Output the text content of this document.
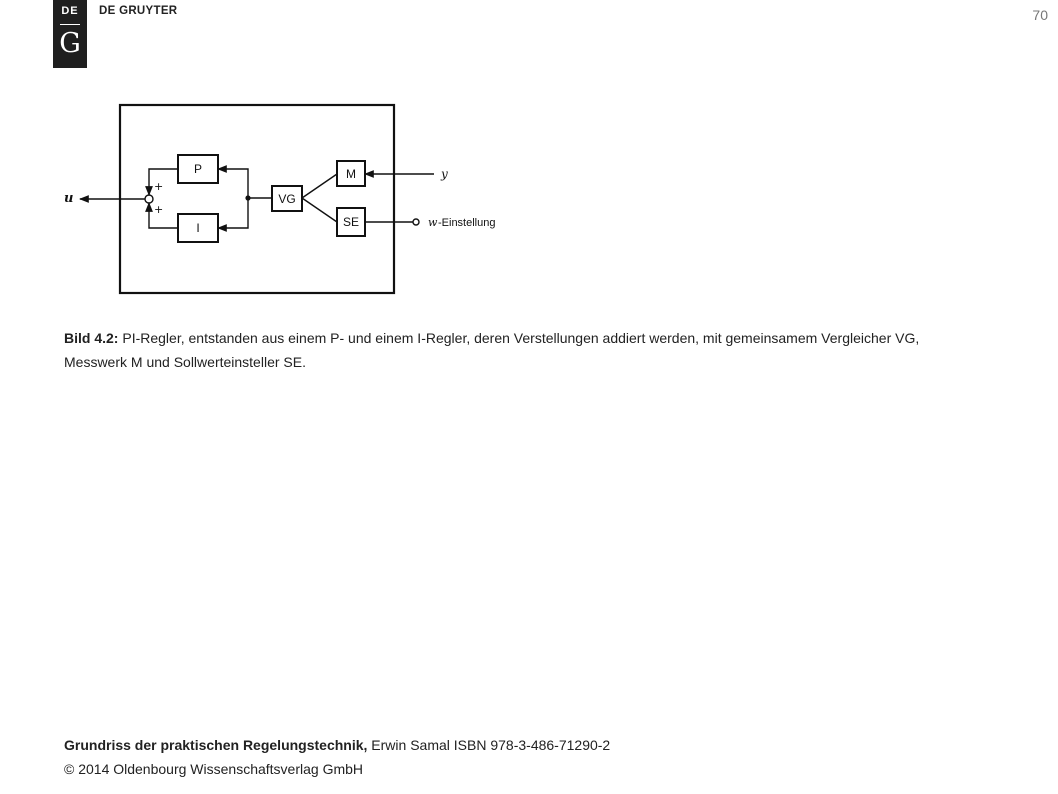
DE
G
DE GRUYTER	70
P
I
VG
M
SE
+
+
u
y
w -Einstellung
Bild 4.2: PI-Regler, entstanden aus einem P- und einem I-Regler, deren Verstellungen addiert werden, mit gemeinsamem Vergleicher VG, Messwerk M und Sollwerteinsteller SE.
Grundriss der praktischen Regelungstechnik, Erwin Samal ISBN 978-3-486-71290-2
© 2014 Oldenbourg Wissenschaftsverlag GmbH
